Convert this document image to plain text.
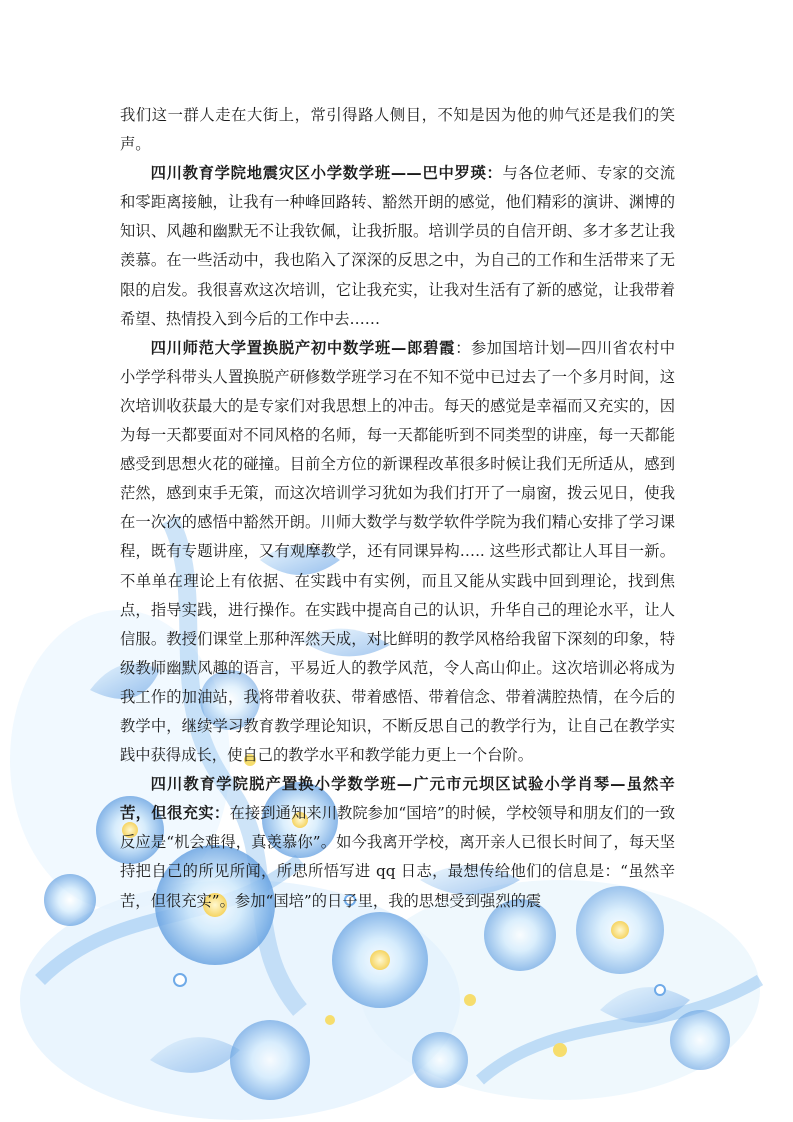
我们这一群人走在大街上，常引得路人侧目，不知是因为他的帅气还是我们的笑声。

四川教育学院地震灾区小学数学班——巴中罗瑛：与各位老师、专家的交流和零距离接触，让我有一种峰回路转、豁然开朗的感觉，他们精彩的演讲、渊博的知识、风趣和幽默无不让我钦佩，让我折服。培训学员的自信开朗、多才多艺让我羡慕。在一些活动中，我也陷入了深深的反思之中，为自己的工作和生活带来了无限的启发。我很喜欢这次培训，它让我充实，让我对生活有了新的感觉，让我带着希望、热情投入到今后的工作中去……

四川师范大学置换脱产初中数学班—郎碧霞：参加国培计划—四川省农村中小学学科带头人置换脱产研修数学班学习在不知不觉中已过去了一个多月时间，这次培训收获最大的是专家们对我思想上的冲击。每天的感觉是幸福而又充实的，因为每一天都要面对不同风格的名师，每一天都能听到不同类型的讲座，每一天都能感受到思想火花的碰撞。目前全方位的新课程改革很多时候让我们无所适从，感到茫然，感到束手无策，而这次培训学习犹如为我们打开了一扇窗，拨云见日，使我在一次次的感悟中豁然开朗。川师大数学与数学软件学院为我们精心安排了学习课程，既有专题讲座，又有观摩教学，还有同课异构….. 这些形式都让人耳目一新。不单单在理论上有依据、在实践中有实例，而且又能从实践中回到理论，找到焦点，指导实践，进行操作。在实践中提高自己的认识，升华自己的理论水平，让人信服。教授们课堂上那种浑然天成，对比鲜明的教学风格给我留下深刻的印象，特级教师幽默风趣的语言，平易近人的教学风范，令人高山仰止。这次培训必将成为我工作的加油站，我将带着收获、带着感悟、带着信念、带着满腔热情，在今后的教学中，继续学习教育教学理论知识，不断反思自己的教学行为，让自己在教学实践中获得成长，使自己的教学水平和教学能力更上一个台阶。

四川教育学院脱产置换小学数学班—广元市元坝区试验小学肖琴—虽然辛苦，但很充实：在接到通知来川教院参加“国培”的时候，学校领导和朋友们的一致反应是“机会难得，真羡慕你”。如今我离开学校，离开亲人已很长时间了，每天坚持把自己的所见所闻，所思所悟写进 qq 日志，最想传给他们的信息是：“虽然辛苦，但很充实”。参加“国培”的日子里，我的思想受到强烈的震
